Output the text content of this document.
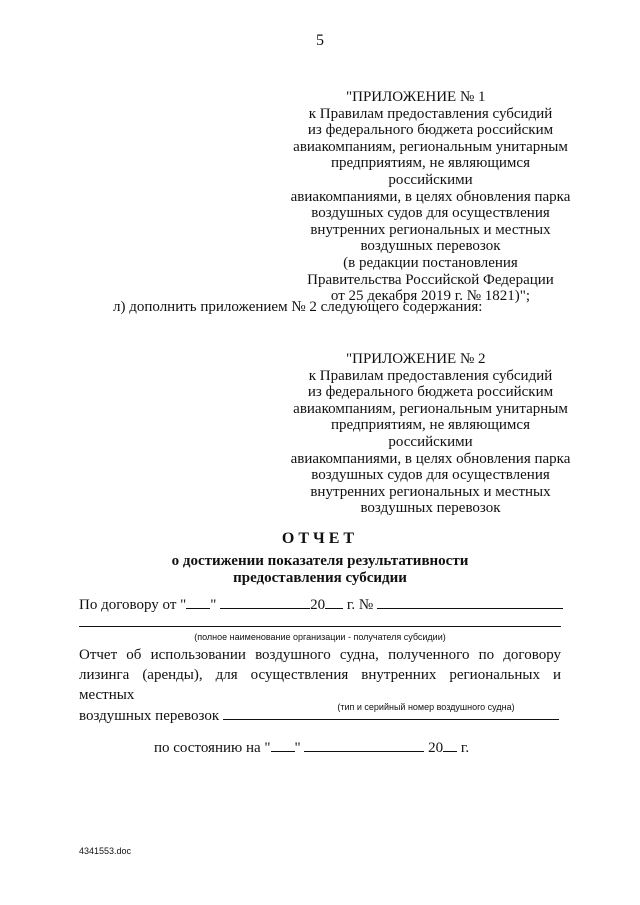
5
"ПРИЛОЖЕНИЕ № 1
к Правилам предоставления субсидий
из федерального бюджета российским
авиакомпаниям, региональным унитарным
предприятиям, не являющимся российскими
авиакомпаниями, в целях обновления парка
воздушных судов для осуществления
внутренних региональных и местных
воздушных перевозок
(в редакции постановления
Правительства Российской Федерации
от 25 декабря 2019 г. № 1821)";
л) дополнить приложением № 2 следующего содержания:
"ПРИЛОЖЕНИЕ № 2
к Правилам предоставления субсидий
из федерального бюджета российским
авиакомпаниям, региональным унитарным
предприятиям, не являющимся российскими
авиакомпаниями, в целях обновления парка
воздушных судов для осуществления
внутренних региональных и местных
воздушных перевозок
ОТЧЕТ
о достижении показателя результативности
предоставления субсидии
По договору от " "	20 г. №
(полное наименование организации - получателя субсидии)
Отчет об использовании воздушного судна, полученного по договору
лизинга (аренды), для осуществления внутренних региональных и местных
воздушных перевозок
(тип и серийный номер воздушного судна)
по состоянию на " "	20 г.
4341553.doc
